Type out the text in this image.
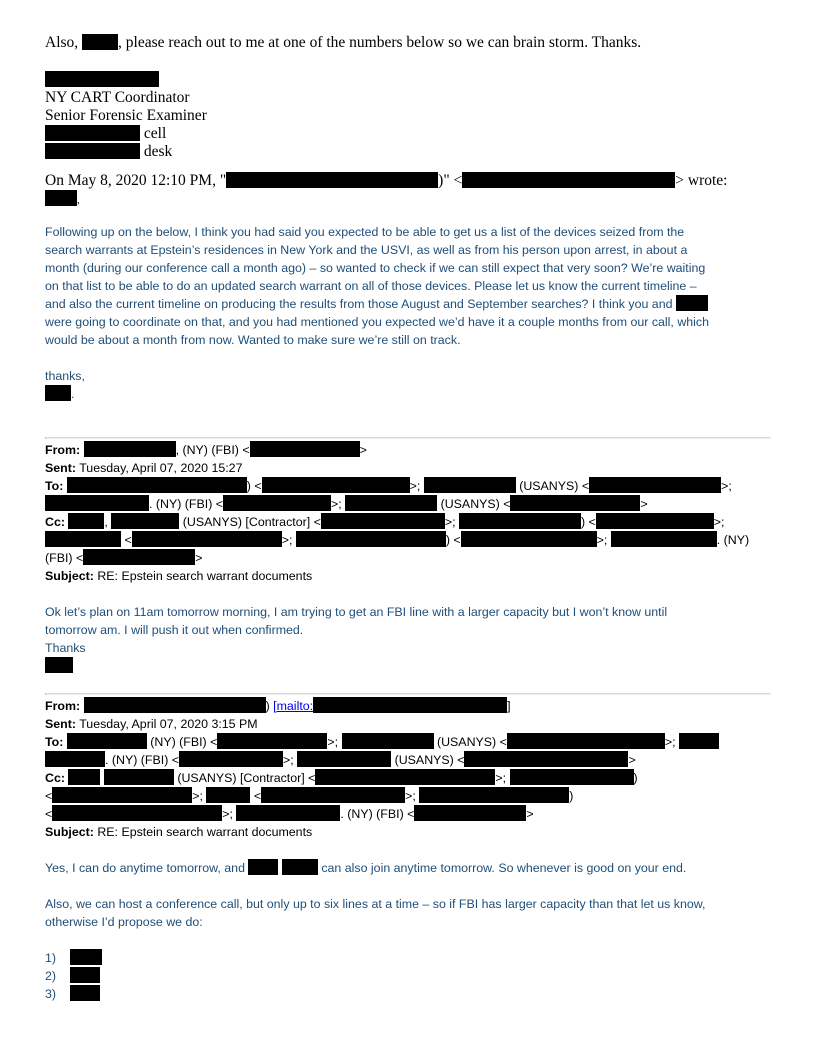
Also,	, please reach out to me at one of the numbers below so we can brain storm. Thanks.

NY CART Coordinator
Senior Forensic Examiner
cell
desk
On May 8, 2020 12:10 PM, "	)" <	> wrote:
,
Following up on the below, I think you had said you expected to be able to get us a list of the devices seized from the
search warrants at Epstein’s residences in New York and the USVI, as well as from his person upon arrest, in about a
month (during our conference call a month ago) – so wanted to check if we can still expect that very soon? We’re waiting
on that list to be able to do an updated search warrant on all of those devices. Please let us know the current timeline –
and also the current timeline on producing the results from those August and September searches? I think you and
were going to coordinate on that, and you had mentioned you expected we’d have it a couple months from our call, which
would be about a month from now. Wanted to make sure we’re still on track.
thanks,
.
From:	, (NY) (FBI) <	>
Sent: Tuesday, April 07, 2020 15:27
To:	) <	>;	(USANYS) <	>;
. (NY) (FBI) <	>;	(USANYS) <	>
Cc:	,	(USANYS) [Contractor] <	>;	) <	>;
<	>;	) <	>;	. (NY)
(FBI) <	>
Subject: RE: Epstein search warrant documents
Ok let’s plan on 11am tomorrow morning, I am trying to get an FBI line with a larger capacity but I won’t know until
tomorrow am. I will push it out when confirmed.
Thanks
From:	) [mailto:	]
Sent: Tuesday, April 07, 2020 3:15 PM
To:	(NY) (FBI) <	>;	(USANYS) <	>;
. (NY) (FBI) <	>;	(USANYS) <	>
Cc:	(USANYS) [Contractor] <	>;	)
<	>;	<	>;	)
<	>;	. (NY) (FBI) <	>
Subject: RE: Epstein search warrant documents
Yes, I can do anytime tomorrow, and	can also join anytime tomorrow. So whenever is good on your end.
Also, we can host a conference call, but only up to six lines at a time – so if FBI has larger capacity than that let us know,
otherwise I’d propose we do:
1)
2)
3)
